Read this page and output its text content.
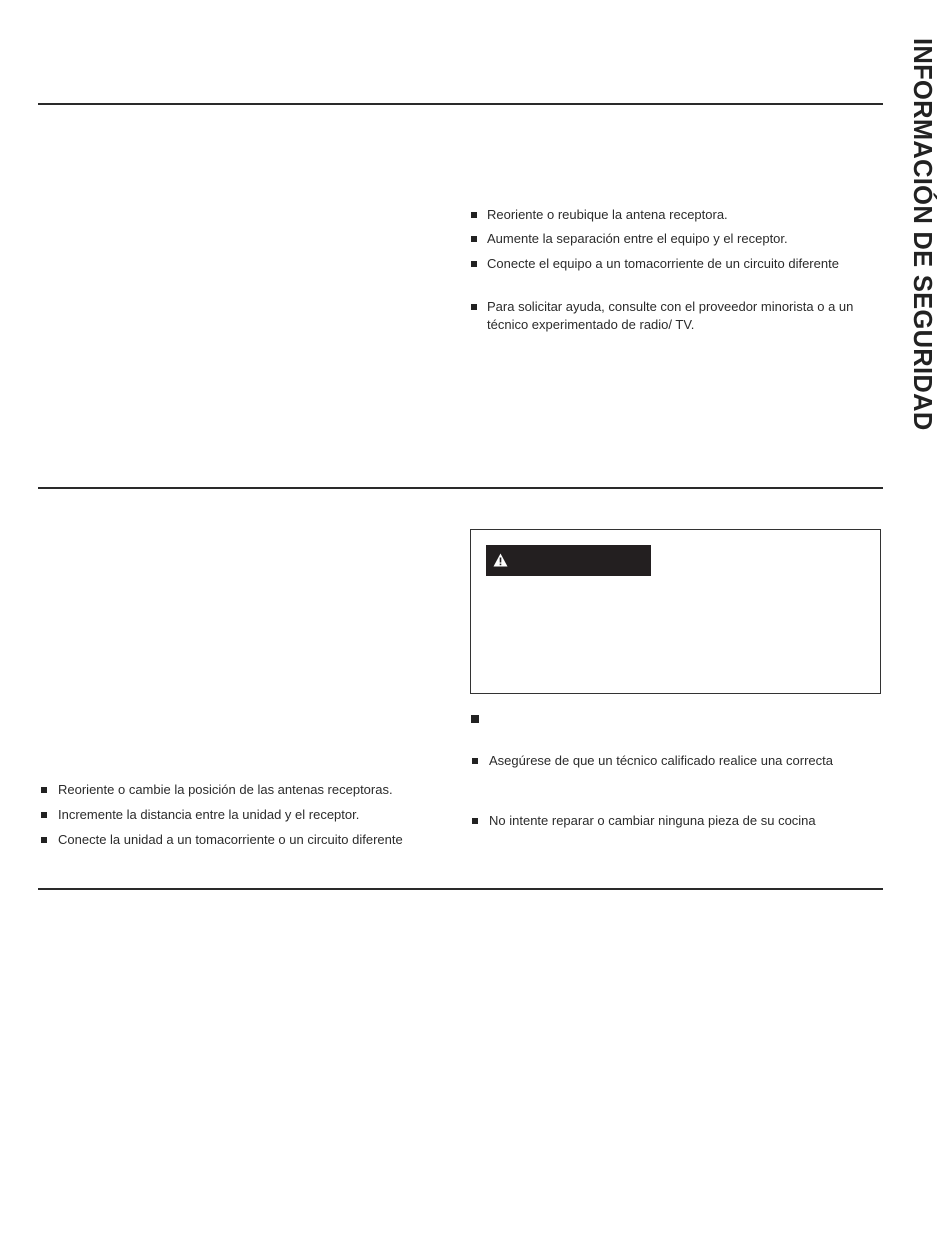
INFORMACIÓN DE SEGURIDAD
Reoriente o reubique la antena receptora.
Aumente la separación entre el equipo y el receptor.
Conecte el equipo a un tomacorriente de un circuito diferente
Para solicitar ayuda, consulte con el proveedor minorista o a un técnico experimentado de radio/ TV.
Asegúrese de que un técnico calificado realice una correcta
No intente reparar o cambiar ninguna pieza de su cocina
Reoriente o cambie la posición de las antenas receptoras.
Incremente la distancia entre la unidad y el receptor.
Conecte la unidad a un tomacorriente o un circuito diferente
